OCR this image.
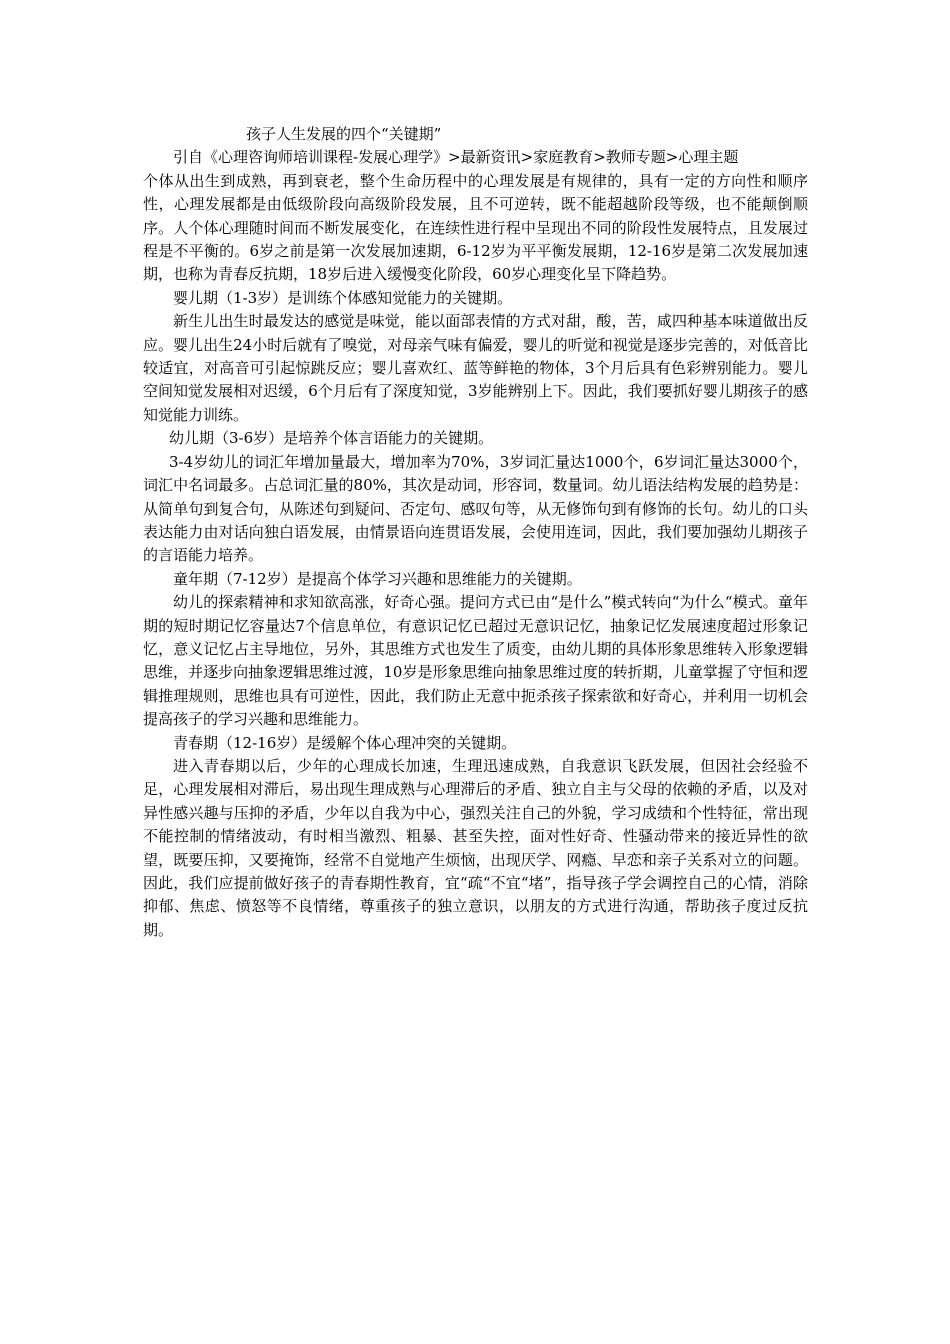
孩子人生发展的四个“关键期”

引自《心理咨询师培训课程-发展心理学》>最新资讯>家庭教育>教师专题>心理主题

个体从出生到成熟，再到衰老，整个生命历程中的心理发展是有规律的，具有一定的方向性和顺序性，心理发展都是由低级阶段向高级阶段发展，且不可逆转，既不能超越阶段等级，也不能颠倒顺序。人个体心理随时间而不断发展变化，在连续性进行程中呈现出不同的阶段性发展特点，且发展过程是不平衡的。6岁之前是第一次发展加速期，6-12岁为平平衡发展期，12-16岁是第二次发展加速期，也称为青春反抗期，18岁后进入缓慢变化阶段，60岁心理变化呈下降趋势。

婴儿期（1-3岁）是训练个体感知觉能力的关键期。

新生儿出生时最发达的感觉是味觉，能以面部表情的方式对甜，酸，苦，咸四种基本味道做出反应。婴儿出生24小时后就有了嗅觉，对母亲气味有偏爱，婴儿的听觉和视觉是逐步完善的，对低音比较适宜，对高音可引起惊跳反应；婴儿喜欢红、蓝等鲜艳的物体，3个月后具有色彩辨别能力。婴儿空间知觉发展相对迟缓，6个月后有了深度知觉，3岁能辨别上下。因此，我们要抓好婴儿期孩子的感知觉能力训练。

幼儿期（3-6岁）是培养个体言语能力的关键期。

3-4岁幼儿的词汇年增加量最大，增加率为70%，3岁词汇量达1000个，6岁词汇量达3000个，词汇中名词最多。占总词汇量的80%，其次是动词，形容词，数量词。幼儿语法结构发展的趋势是：从简单句到复合句，从陈述句到疑问、否定句、感叹句等，从无修饰句到有修饰的长句。幼儿的口头表达能力由对话向独白语发展，由情景语向连贯语发展，会使用连词，因此，我们要加强幼儿期孩子的言语能力培养。

童年期（7-12岁）是提高个体学习兴趣和思维能力的关键期。

幼儿的探索精神和求知欲高涨，好奇心强。提问方式已由“是什么”模式转向“为什么“模式。童年期的短时期记忆容量达7个信息单位，有意识记忆已超过无意识记忆，抽象记忆发展速度超过形象记忆，意义记忆占主导地位，另外，其思维方式也发生了质变，由幼儿期的具体形象思维转入形象逻辑思维，并逐步向抽象逻辑思维过渡，10岁是形象思维向抽象思维过度的转折期，儿童掌握了守恒和逻辑推理规则，思维也具有可逆性，因此，我们防止无意中扼杀孩子探索欲和好奇心，并利用一切机会提高孩子的学习兴趣和思维能力。

青春期（12-16岁）是缓解个体心理冲突的关键期。

进入青春期以后，少年的心理成长加速，生理迅速成熟，自我意识飞跃发展，但因社会经验不足，心理发展相对滞后，易出现生理成熟与心理滞后的矛盾、独立自主与父母的依赖的矛盾，以及对异性感兴趣与压抑的矛盾，少年以自我为中心，强烈关注自己的外貌，学习成绩和个性特征，常出现不能控制的情绪波动，有时相当激烈、粗暴、甚至失控，面对性好奇、性骚动带来的接近异性的欲望，既要压抑，又要掩饰，经常不自觉地产生烦恼，出现厌学、网瘾、早恋和亲子关系对立的问题。因此，我们应提前做好孩子的青春期性教育，宜“疏“不宜“堵”，指导孩子学会调控自己的心情，消除抑郁、焦虑、愤怒等不良情绪，尊重孩子的独立意识，以朋友的方式进行沟通，帮助孩子度过反抗期。
